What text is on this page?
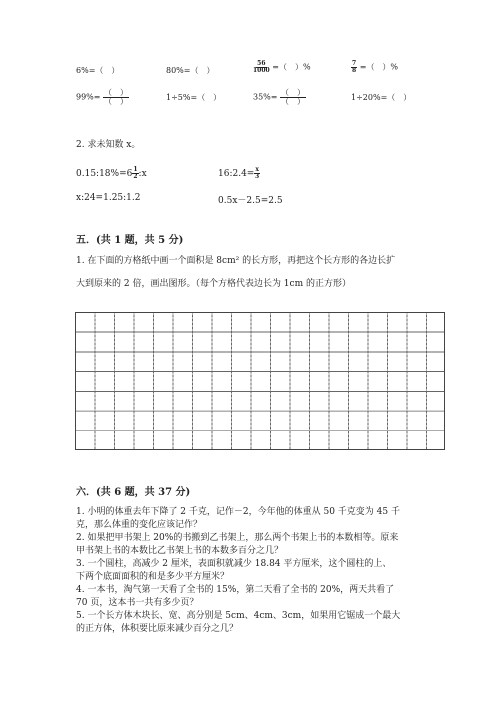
6%=（　）	80%=（　）	$\frac{56}{1000}$ =（　）%	$\frac{7}{8}$ =（　）%
$99\%= \frac{( )}{( )}$	1÷5%=（　）	$35\%= \frac{( )}{( )}$	1÷20%=（　）
2. 求未知数 x。
0.15:18%=6 $\frac{1}{2}$ :x	16:2.4= $\frac{x}{3}$
x:24=1.25:1.2	0.5x－2.5=2.5
五．(共 1 题，共 5 分)
1. 在下面的方格纸中画一个面积是 8cm² 的长方形，再把这个长方形的各边长扩
大到原来的 2 倍，画出图形。（每个方格代表边长为 1cm 的正方形）
六．(共 6 题，共 37 分)
1. 小明的体重去年下降了 2 千克，记作－2，今年他的体重从 50 千克变为 45 千
克，那么体重的变化应该记作？
2. 如果把甲书架上 20%的书搬到乙书架上，那么两个书架上书的本数相等。原来
甲书架上书的本数比乙书架上书的本数多百分之几？
3. 一个圆柱，高减少 2 厘米，表面积就减少 18.84 平方厘米，这个圆柱的上、
下两个底面面积的和是多少平方厘米？
4. 一本书，淘气第一天看了全书的 15%，第二天看了全书的 20%，两天共看了
70 页，这本书一共有多少页？
5. 一个长方体木块长、宽、高分别是 5cm、4cm、3cm，如果用它锯成一个最大
的正方体，体积要比原来减少百分之几？
